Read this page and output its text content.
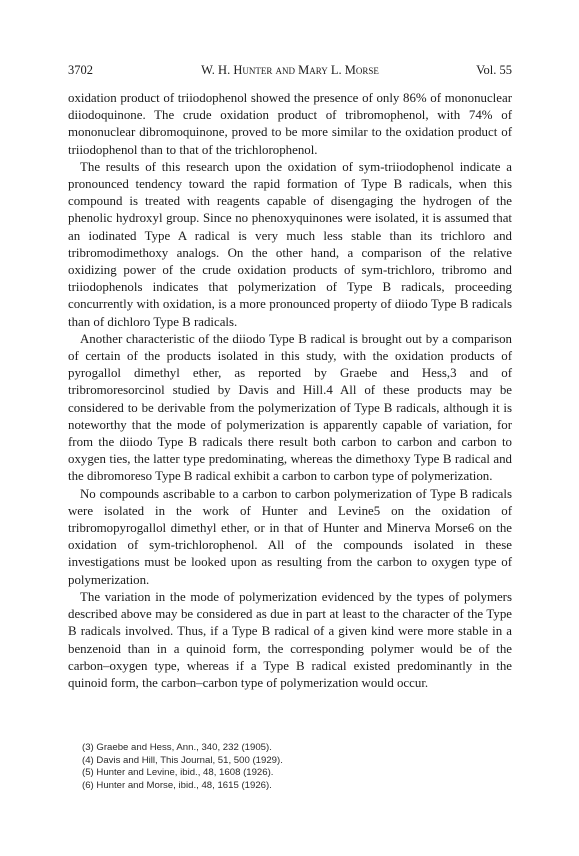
3702	W. H. Hunter and Mary L. Morse	Vol. 55

oxidation product of triiodophenol showed the presence of only 86% of mononuclear diiodoquinone. The crude oxidation product of tribromophenol, with 74% of mononuclear dibromoquinone, proved to be more similar to the oxidation product of triiodophenol than to that of the trichlorophenol.

The results of this research upon the oxidation of sym-triiodophenol indicate a pronounced tendency toward the rapid formation of Type B radicals, when this compound is treated with reagents capable of disengaging the hydrogen of the phenolic hydroxyl group. Since no phenoxyquinones were isolated, it is assumed that an iodinated Type A radical is very much less stable than its trichloro and tribromodimethoxy analogs. On the other hand, a comparison of the relative oxidizing power of the crude oxidation products of sym-trichloro, tribromo and triiodophenols indicates that polymerization of Type B radicals, proceeding concurrently with oxidation, is a more pronounced property of diiodo Type B radicals than of dichloro Type B radicals.

Another characteristic of the diiodo Type B radical is brought out by a comparison of certain of the products isolated in this study, with the oxidation products of pyrogallol dimethyl ether, as reported by Graebe and Hess,3 and of tribromoresorcinol studied by Davis and Hill.4 All of these products may be considered to be derivable from the polymerization of Type B radicals, although it is noteworthy that the mode of polymerization is apparently capable of variation, for from the diiodo Type B radicals there result both carbon to carbon and carbon to oxygen ties, the latter type predominating, whereas the dimethoxy Type B radical and the dibromoreso Type B radical exhibit a carbon to carbon type of polymerization.

No compounds ascribable to a carbon to carbon polymerization of Type B radicals were isolated in the work of Hunter and Levine5 on the oxidation of tribromopyrogallol dimethyl ether, or in that of Hunter and Minerva Morse6 on the oxidation of sym-trichlorophenol. All of the compounds isolated in these investigations must be looked upon as resulting from the carbon to oxygen type of polymerization.

The variation in the mode of polymerization evidenced by the types of polymers described above may be considered as due in part at least to the character of the Type B radicals involved. Thus, if a Type B radical of a given kind were more stable in a benzenoid than in a quinoid form, the corresponding polymer would be of the carbon–oxygen type, whereas if a Type B radical existed predominantly in the quinoid form, the carbon–carbon type of polymerization would occur.

(3) Graebe and Hess, Ann., 340, 232 (1905).
(4) Davis and Hill, This Journal, 51, 500 (1929).
(5) Hunter and Levine, ibid., 48, 1608 (1926).
(6) Hunter and Morse, ibid., 48, 1615 (1926).
